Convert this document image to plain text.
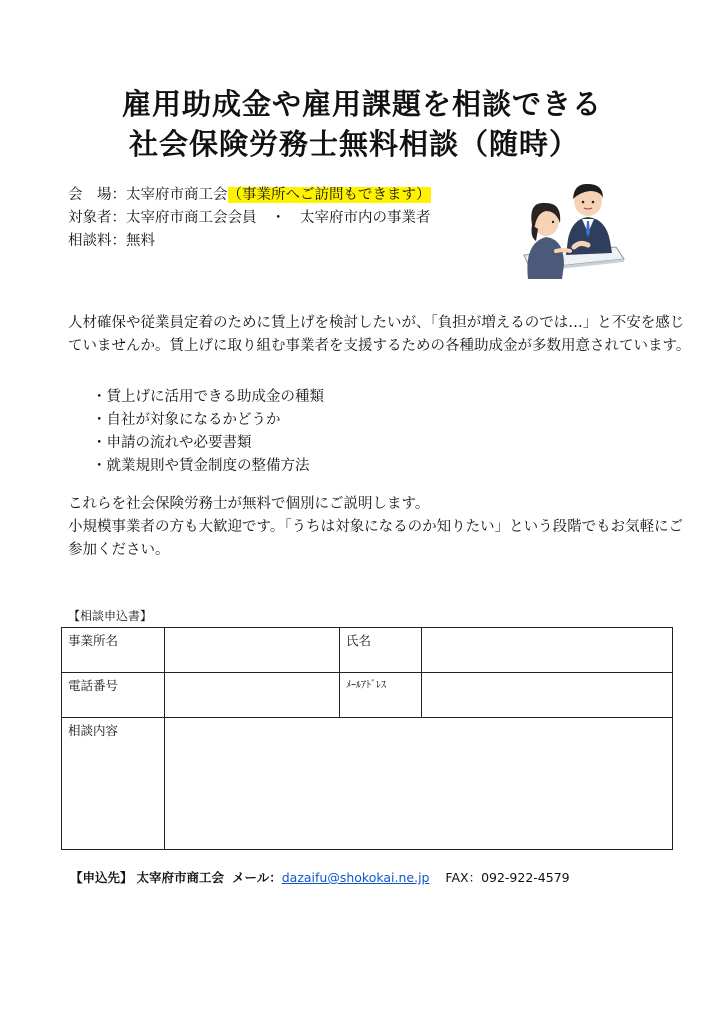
雇用助成金や雇用課題を相談できる
社会保険労務士無料相談（随時）
会　場：太宰府市商工会（事業所へご訪問もできます）
対象者：太宰府市商工会会員　・　太宰府市内の事業者
相談料：無料

人材確保や従業員定着のために賃上げを検討したいが、「負担が増えるのでは…」と不安を感じていませんか。賃上げに取り組む事業者を支援するための各種助成金が多数用意されています。

・賃上げに活用できる助成金の種類
・自社が対象になるかどうか
・申請の流れや必要書類
・就業規則や賃金制度の整備方法
これらを社会保険労務士が無料で個別にご説明します。
小規模事業者の方も大歓迎です。「うちは対象になるのか知りたい」という段階でもお気軽にご参加ください。
【相談申込書】
事業所名		氏名	
電話番号		ﾒｰﾙｱﾄﾞﾚｽ	
相談内容			
【申込先】 太宰府市商工会 メール：dazaifu@shokokai.ne.jp FAX：092-922-4579
